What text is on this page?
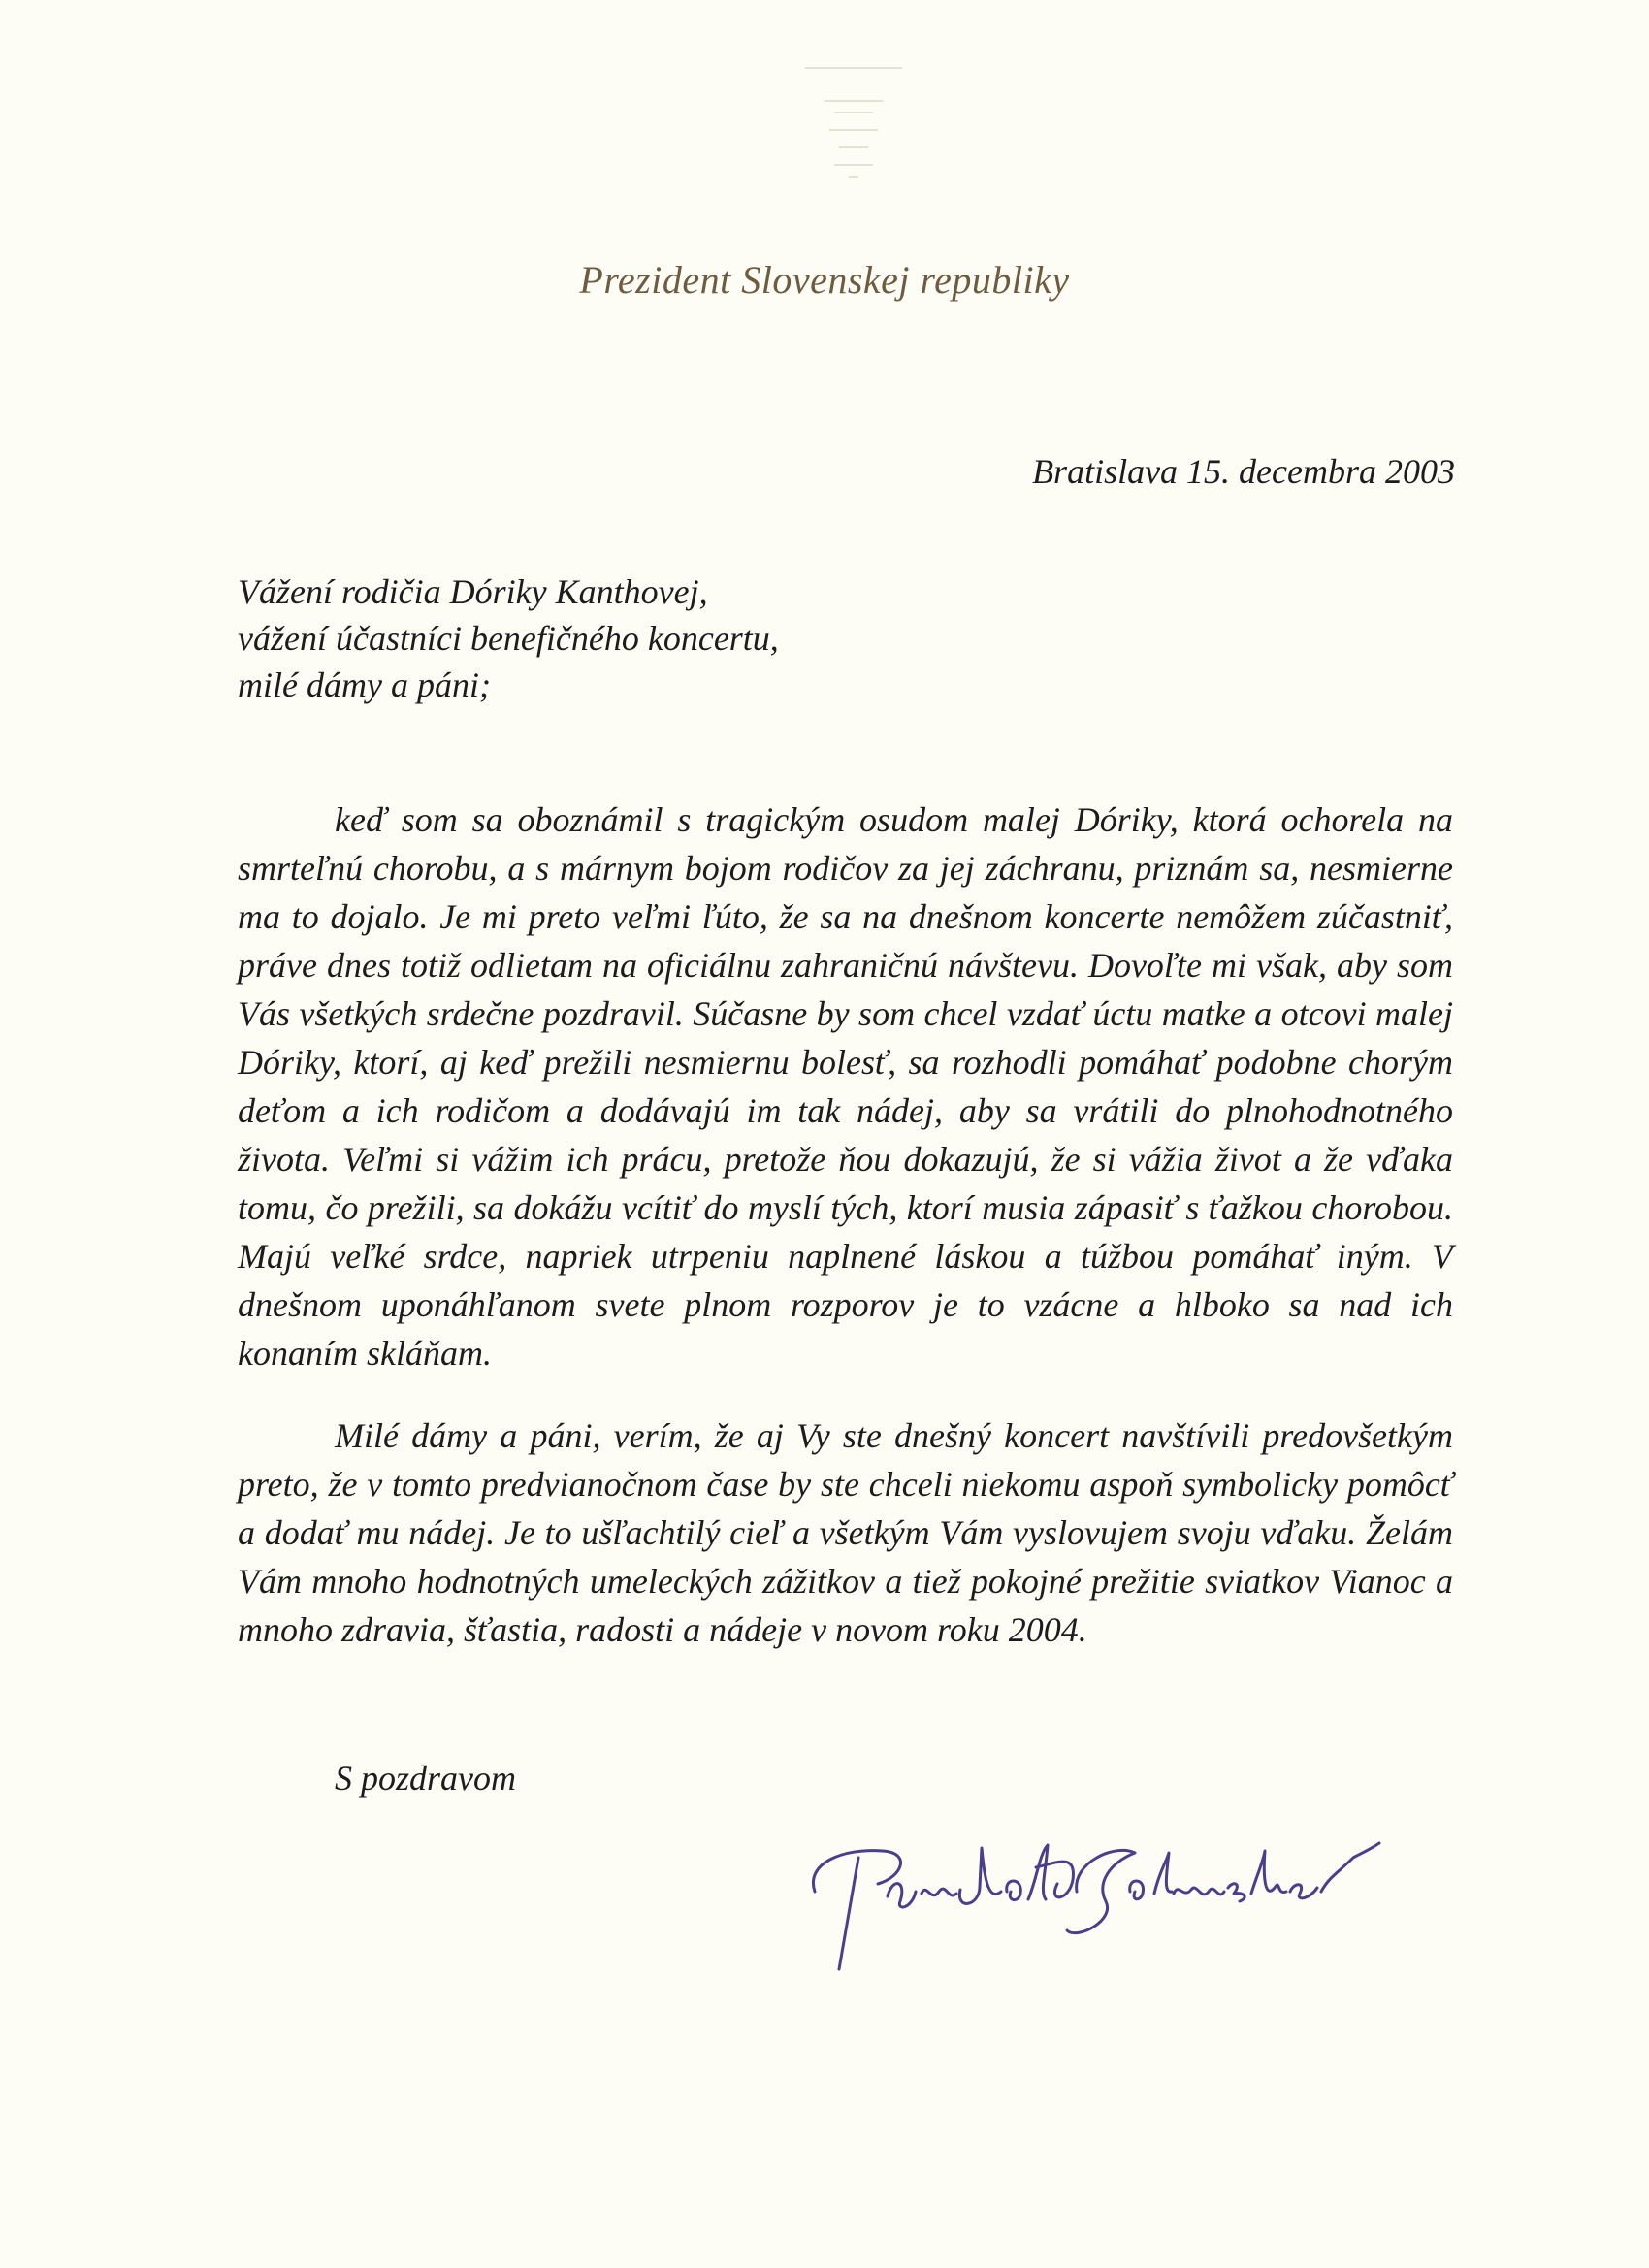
Prezident Slovenskej republiky
Bratislava 15. decembra 2003
Vážení rodičia Dóriky Kanthovej,
vážení účastníci benefičného koncertu,
milé dámy a páni;

keď som sa oboznámil s tragickým osudom malej Dóriky, ktorá ochorela na smrteľnú chorobu, a s márnym bojom rodičov za jej záchranu, priznám sa, nesmierne ma to dojalo. Je mi preto veľmi ľúto, že sa na dnešnom koncerte nemôžem zúčastniť, práve dnes totiž odlietam na oficiálnu zahraničnú návštevu. Dovoľte mi však, aby som Vás všetkých srdečne pozdravil. Súčasne by som chcel vzdať úctu matke a otcovi malej Dóriky, ktorí, aj keď prežili nesmiernu bolesť, sa rozhodli pomáhať podobne chorým deťom a ich rodičom a dodávajú im tak nádej, aby sa vrátili do plnohodnotného života. Veľmi si vážim ich prácu, pretože ňou dokazujú, že si vážia život a že vďaka tomu, čo prežili, sa dokážu vcítiť do myslí tých, ktorí musia zápasiť s ťažkou chorobou. Majú veľké srdce, napriek utrpeniu naplnené láskou a túžbou pomáhať iným. V dnešnom uponáhľanom svete plnom rozporov je to vzácne a hlboko sa nad ich konaním skláňam.

Milé dámy a páni, verím, že aj Vy ste dnešný koncert navštívili predovšetkým preto, že v tomto predvianočnom čase by ste chceli niekomu aspoň symbolicky pomôcť a dodať mu nádej. Je to ušľachtilý cieľ a všetkým Vám vyslovujem svoju vďaku. Želám Vám mnoho hodnotných umeleckých zážitkov a tiež pokojné prežitie sviatkov Vianoc a mnoho zdravia, šťastia, radosti a nádeje v novom roku 2004.

S pozdravom
